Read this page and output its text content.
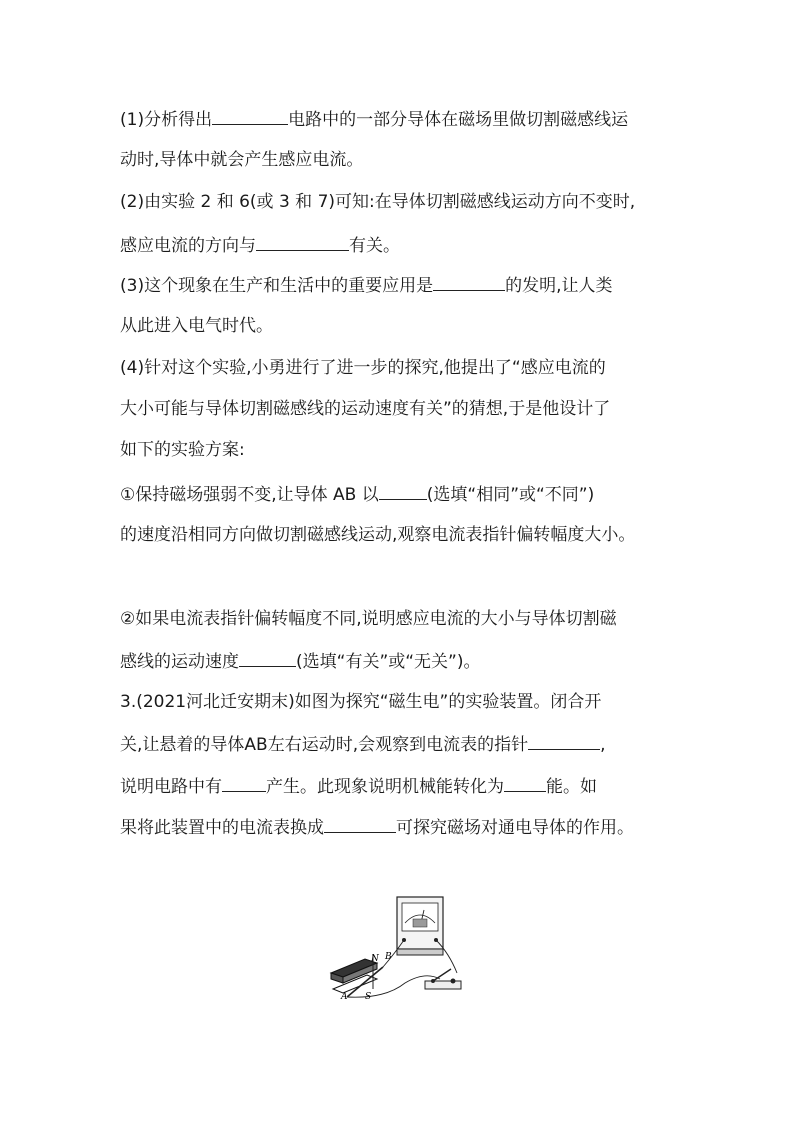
(1)分析得出	电路中的一部分导体在磁场里做切割磁感线运
动时,导体中就会产生感应电流。
(2)由实验 2 和 6(或 3 和 7)可知:在导体切割磁感线运动方向不变时,
感应电流的方向与	有关。
(3)这个现象在生产和生活中的重要应用是	的发明,让人类
从此进入电气时代。
(4)针对这个实验,小勇进行了进一步的探究,他提出了“感应电流的
大小可能与导体切割磁感线的运动速度有关”的猜想,于是他设计了
如下的实验方案:
①保持磁场强弱不变,让导体 AB 以	(选填“相同”或“不同”)
的速度沿相同方向做切割磁感线运动,观察电流表指针偏转幅度大小。
②如果电流表指针偏转幅度不同,说明感应电流的大小与导体切割磁
感线的运动速度	(选填“有关”或“无关”)。
3.(2021河北迁安期末)如图为探究“磁生电”的实验装置。闭合开
关,让悬着的导体AB左右运动时,会观察到电流表的指针	,
说明电路中有	产生。此现象说明机械能转化为 能。如
果将此装置中的电流表换成	可探究磁场对通电导体的作用。
N
S
A
B
